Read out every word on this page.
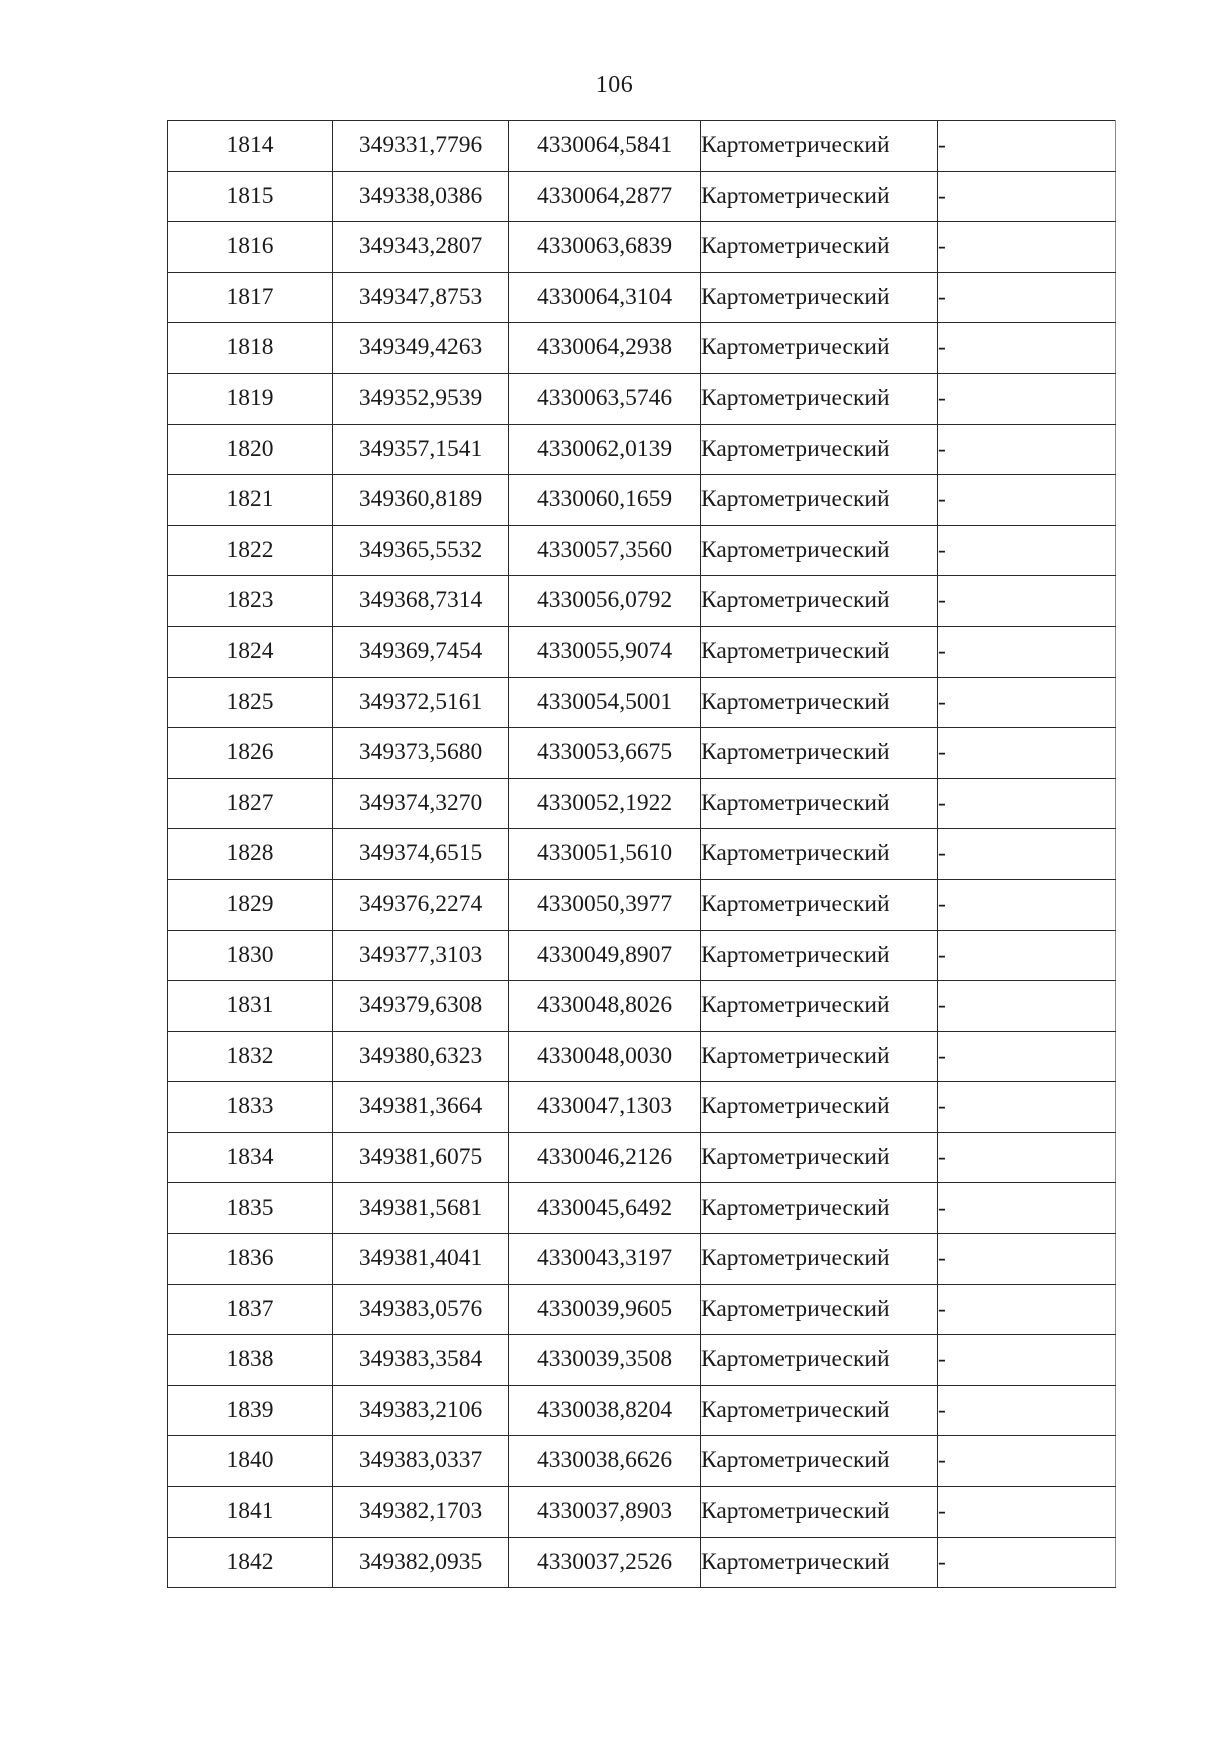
106
1814	349331,7796	4330064,5841	Картометрический	-
1815	349338,0386	4330064,2877	Картометрический	-
1816	349343,2807	4330063,6839	Картометрический	-
1817	349347,8753	4330064,3104	Картометрический	-
1818	349349,4263	4330064,2938	Картометрический	-
1819	349352,9539	4330063,5746	Картометрический	-
1820	349357,1541	4330062,0139	Картометрический	-
1821	349360,8189	4330060,1659	Картометрический	-
1822	349365,5532	4330057,3560	Картометрический	-
1823	349368,7314	4330056,0792	Картометрический	-
1824	349369,7454	4330055,9074	Картометрический	-
1825	349372,5161	4330054,5001	Картометрический	-
1826	349373,5680	4330053,6675	Картометрический	-
1827	349374,3270	4330052,1922	Картометрический	-
1828	349374,6515	4330051,5610	Картометрический	-
1829	349376,2274	4330050,3977	Картометрический	-
1830	349377,3103	4330049,8907	Картометрический	-
1831	349379,6308	4330048,8026	Картометрический	-
1832	349380,6323	4330048,0030	Картометрический	-
1833	349381,3664	4330047,1303	Картометрический	-
1834	349381,6075	4330046,2126	Картометрический	-
1835	349381,5681	4330045,6492	Картометрический	-
1836	349381,4041	4330043,3197	Картометрический	-
1837	349383,0576	4330039,9605	Картометрический	-
1838	349383,3584	4330039,3508	Картометрический	-
1839	349383,2106	4330038,8204	Картометрический	-
1840	349383,0337	4330038,6626	Картометрический	-
1841	349382,1703	4330037,8903	Картометрический	-
1842	349382,0935	4330037,2526	Картометрический	-
